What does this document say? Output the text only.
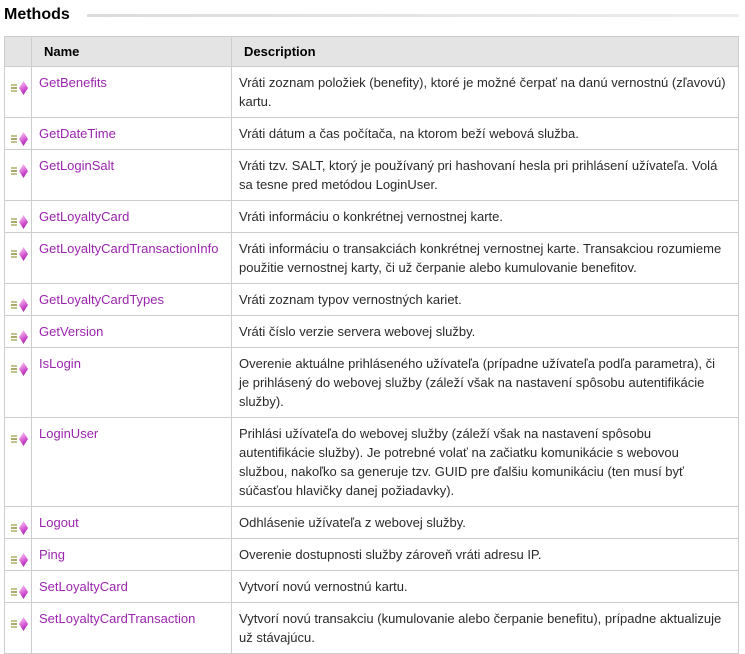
Methods
	Name	Description

	GetBenefits	Vráti zoznam položiek (benefity), ktoré je možné čerpať na danú vernostnú (zľavovú) kartu.

	GetDateTime	Vráti dátum a čas počítača, na ktorom beží webová služba.

	GetLoginSalt	Vráti tzv. SALT, ktorý je používaný pri hashovaní hesla pri prihlásení užívateľa. Volá sa tesne pred metódou LoginUser.

	GetLoyaltyCard	Vráti informáciu o konkrétnej vernostnej karte.

	GetLoyaltyCardTransactionInfo	Vráti informáciu o transakciách konkrétnej vernostnej karte. Transakciou rozumieme použitie vernostnej karty, či už čerpanie alebo kumulovanie benefitov.

	GetLoyaltyCardTypes	Vráti zoznam typov vernostných kariet.

	GetVersion	Vráti číslo verzie servera webovej služby.

	IsLogin	Overenie aktuálne prihláseného užívateľa (prípadne užívateľa podľa parametra), či je prihlásený do webovej služby (záleží však na nastavení spôsobu autentifikácie služby).

	LoginUser	Prihlási užívateľa do webovej služby (záleží však na nastavení spôsobu autentifikácie služby). Je potrebné volať na začiatku komunikácie s webovou službou, nakoľko sa generuje tzv. GUID pre ďalšiu komunikáciu (ten musí byť súčasťou hlavičky danej požiadavky).

	Logout	Odhlásenie užívateľa z webovej služby.

	Ping	Overenie dostupnosti služby zároveň vráti adresu IP.

	SetLoyaltyCard	Vytvorí novú vernostnú kartu.

	SetLoyaltyCardTransaction	Vytvorí novú transakciu (kumulovanie alebo čerpanie benefitu), prípadne aktualizuje už stávajúcu.
